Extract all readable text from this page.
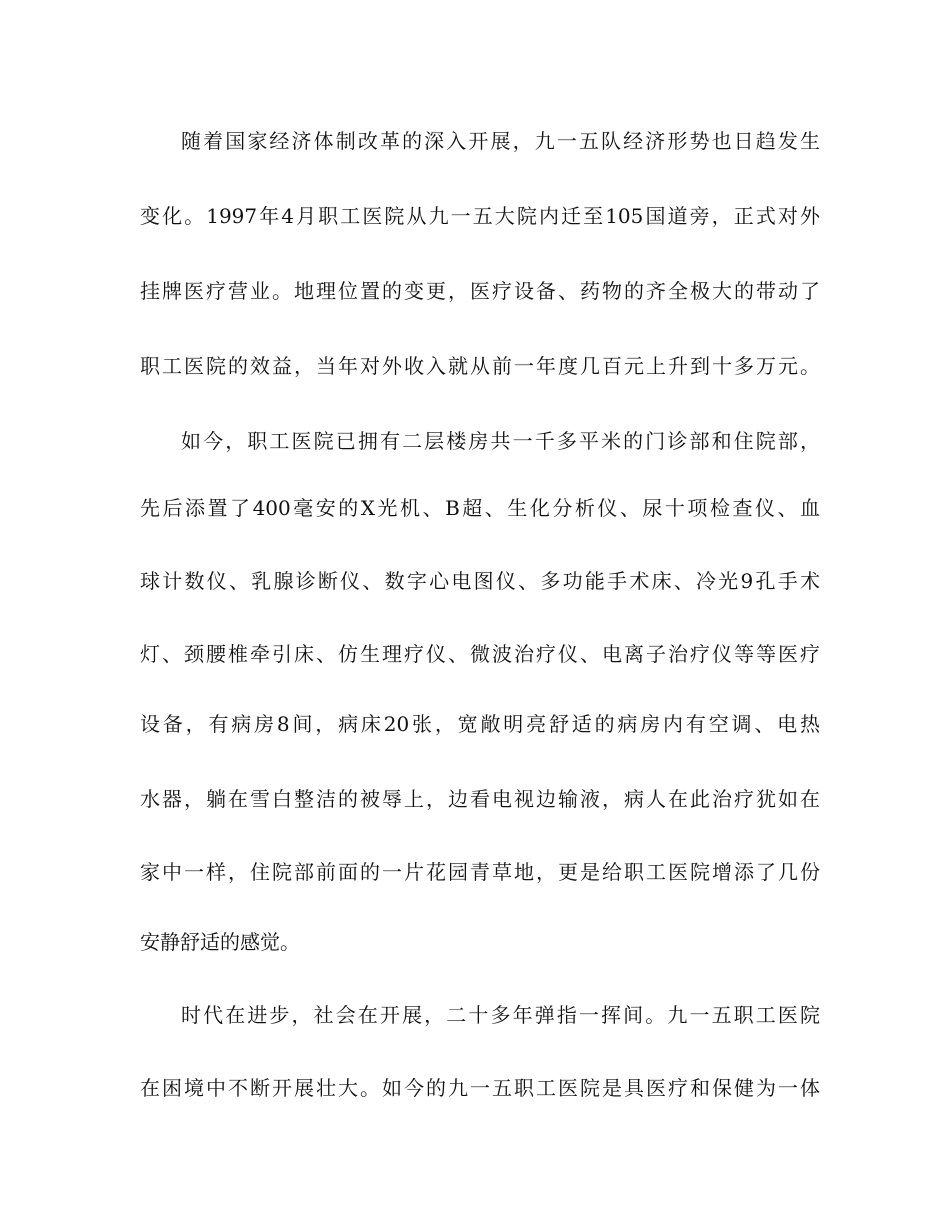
随着国家经济体制改革的深入开展，九一五队经济形势也日趋发生
变化。1997年4月职工医院从九一五大院内迁至105国道旁，正式对外
挂牌医疗营业。地理位置的变更，医疗设备、药物的齐全极大的带动了
职工医院的效益，当年对外收入就从前一年度几百元上升到十多万元。
如今，职工医院已拥有二层楼房共一千多平米的门诊部和住院部，
先后添置了400毫安的X光机、B超、生化分析仪、尿十项检查仪、血
球计数仪、乳腺诊断仪、数字心电图仪、多功能手术床、冷光9孔手术
灯、颈腰椎牵引床、仿生理疗仪、微波治疗仪、电离子治疗仪等等医疗
设备，有病房8间，病床20张，宽敞明亮舒适的病房内有空调、电热
水器，躺在雪白整洁的被辱上，边看电视边输液，病人在此治疗犹如在
家中一样，住院部前面的一片花园青草地，更是给职工医院增添了几份
安静舒适的感觉。
时代在进步，社会在开展，二十多年弹指一挥间。九一五职工医院
在困境中不断开展壮大。如今的九一五职工医院是具医疗和保健为一体
